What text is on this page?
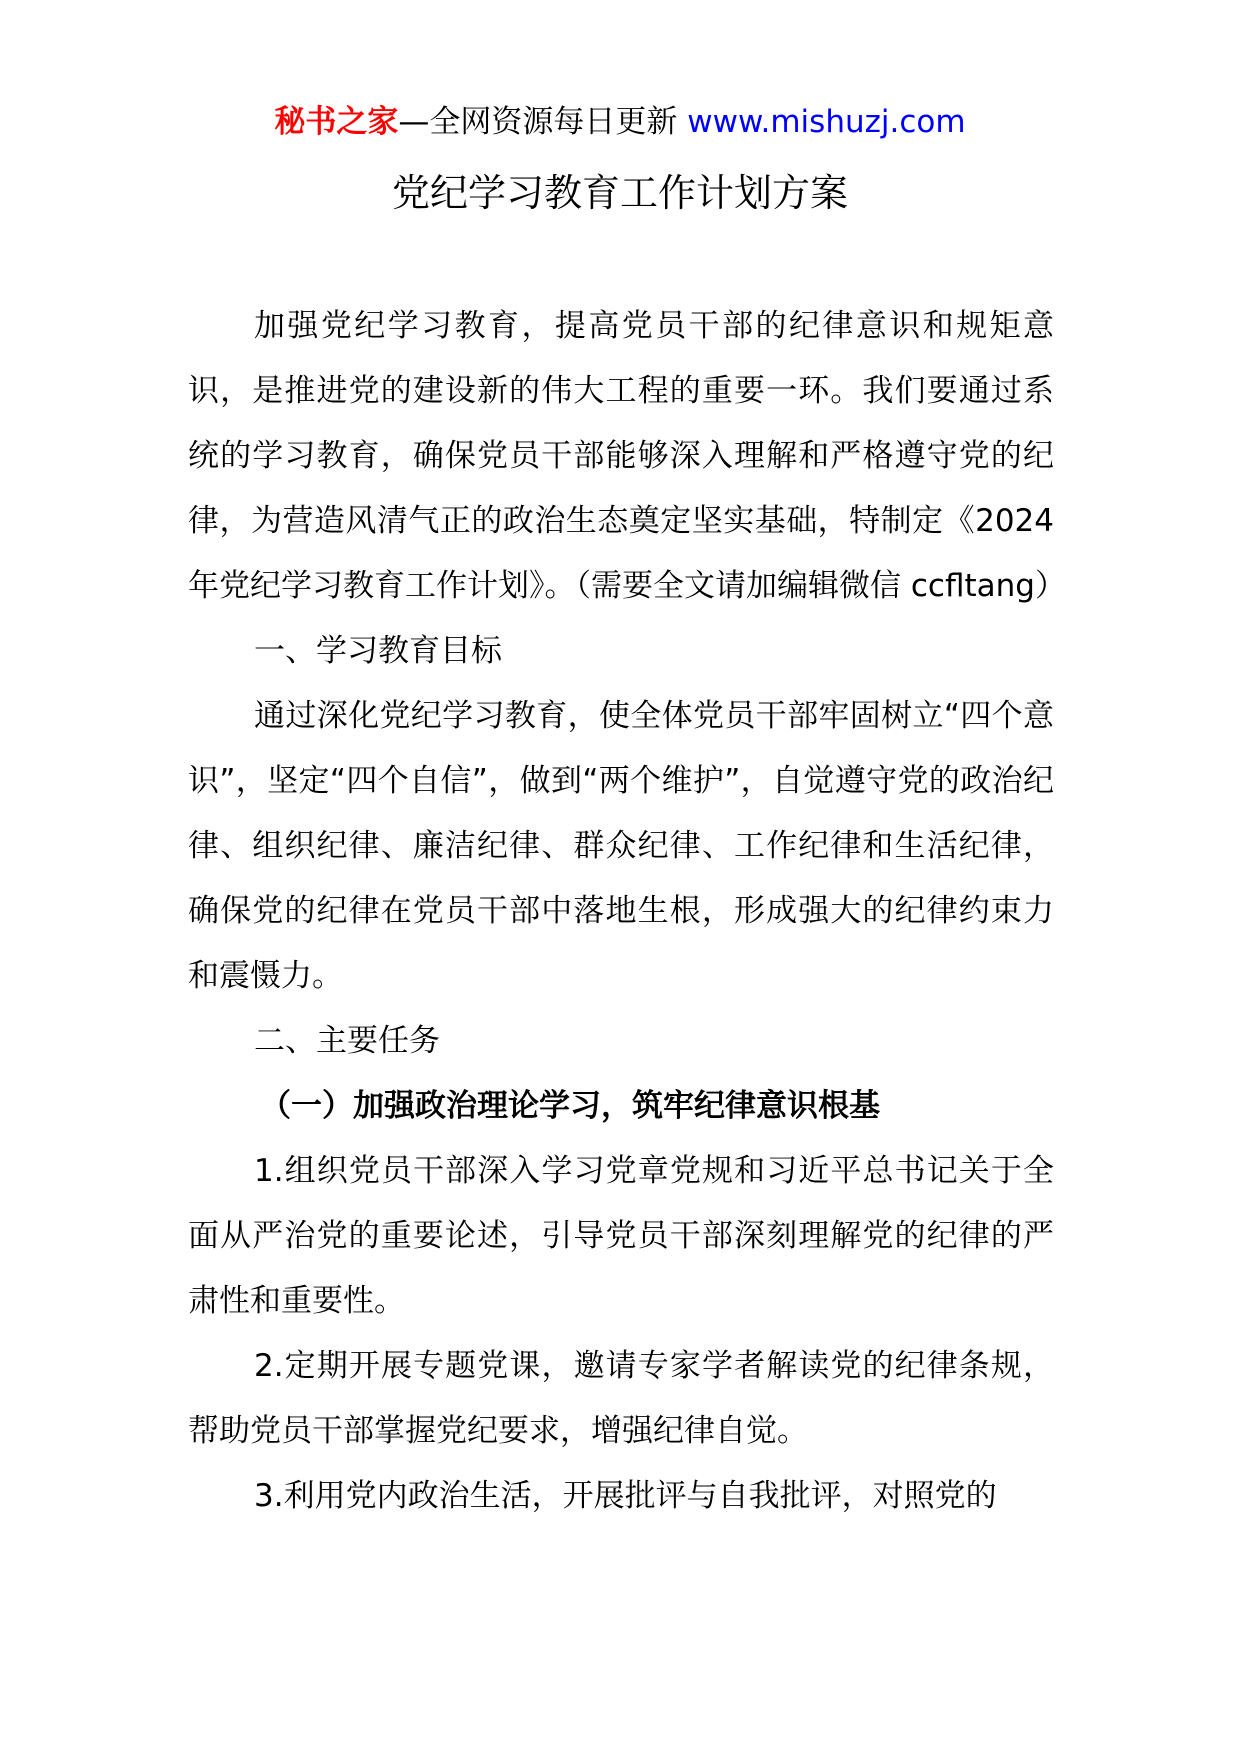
秘书之家—全网资源每日更新 www.mishuzj.com
党纪学习教育工作计划方案

加强党纪学习教育，提高党员干部的纪律意识和规矩意识，是推进党的建设新的伟大工程的重要一环。我们要通过系统的学习教育，确保党员干部能够深入理解和严格遵守党的纪律，为营造风清气正的政治生态奠定坚实基础，特制定《2024年党纪学习教育工作计划》。（需要全文请加编辑微信 ccfltang）

一、学习教育目标

通过深化党纪学习教育，使全体党员干部牢固树立“四个意识”，坚定“四个自信”，做到“两个维护”，自觉遵守党的政治纪律、组织纪律、廉洁纪律、群众纪律、工作纪律和生活纪律，确保党的纪律在党员干部中落地生根，形成强大的纪律约束力和震慑力。

二、主要任务

（一）加强政治理论学习，筑牢纪律意识根基

1.组织党员干部深入学习党章党规和习近平总书记关于全面从严治党的重要论述，引导党员干部深刻理解党的纪律的严肃性和重要性。

2.定期开展专题党课，邀请专家学者解读党的纪律条规，帮助党员干部掌握党纪要求，增强纪律自觉。

3.利用党内政治生活，开展批评与自我批评，对照党的
